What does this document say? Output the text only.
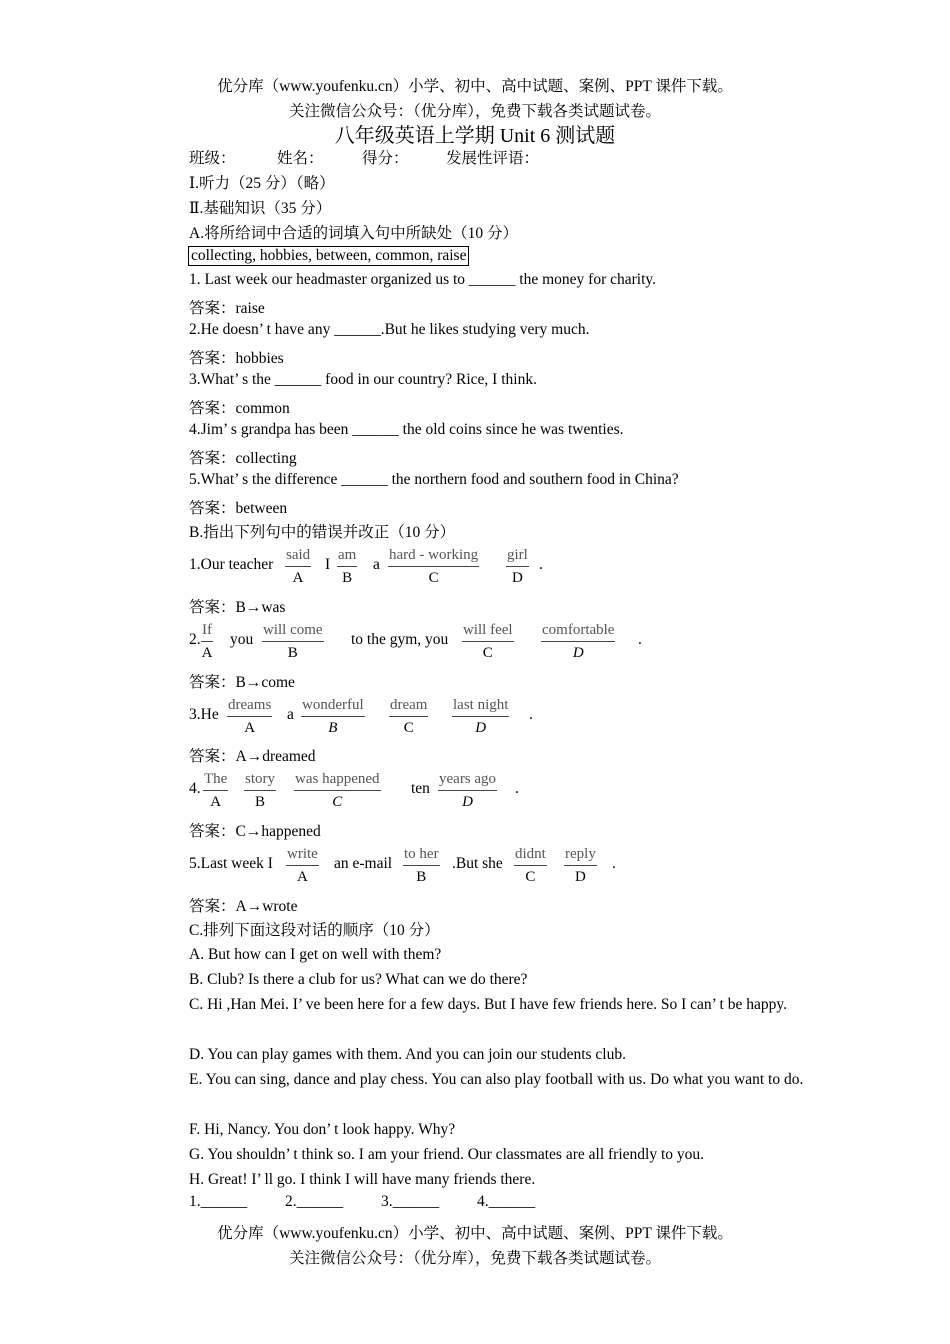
优分库（www.youfenku.cn）小学、初中、高中试题、案例、PPT 课件下载。
关注微信公众号：（优分库），免费下载各类试题试卷。
八年级英语上学期 Unit 6 测试题
班级：	姓名： 得分： 发展性评语：
Ⅰ.听力（25 分）（略）
Ⅱ.基础知识（35 分）
A.将所给词中合适的词填入句中所缺处（10 分）
collecting, hobbies, between, common, raise
1. Last week our headmaster organized us to ______ the money for charity.
答案：raise
2.He doesn’ t have any ______.But he likes studying very much.
答案：hobbies
3.What’ s the ______ food in our country? Rice, I think.
答案：common
4.Jim’ s grandpa has been ______ the old coins since he was twenties.
答案：collecting
5.What’ s the difference ______ the northern food and southern food in China?
答案：between
B.指出下列句中的错误并改正（10 分）
1.Our teacher
said
A
I
am
B
a
hard - working
C
girl
D
.
答案：B→was
2.
If
A
you
will come
B
to the gym, you
will feel
C
comfortable
D
.
答案：B→come
3.He
dreams
A
a
wonderful
B
dream
C
last night
D
.
答案：A→dreamed
4.
The
A
story
B
was happened
C
ten
years ago
D
.
答案：C→happened
5.Last week I
write
A
an e-mail
to her
B
.But she
didnt
C
reply
D
.
答案：A→wrote
C.排列下面这段对话的顺序（10 分）
A. But how can I get on well with them?
B. Club? Is there a club for us? What can we do there?
C. Hi ,Han Mei. I’ ve been here for a few days. But I have few friends here. So I can’ t be happy.
D. You can play games with them. And you can join our students club.
E. You can sing, dance and play chess. You can also play football with us. Do what you want to do.
F. Hi, Nancy. You don’ t look happy. Why?
G. You shouldn’ t think so. I am your friend. Our classmates are all friendly to you.
H. Great! I’ ll go. I think I will have many friends there.
1.______ 2.______ 3.______ 4.______
优分库（www.youfenku.cn）小学、初中、高中试题、案例、PPT 课件下载。
关注微信公众号：（优分库），免费下载各类试题试卷。
